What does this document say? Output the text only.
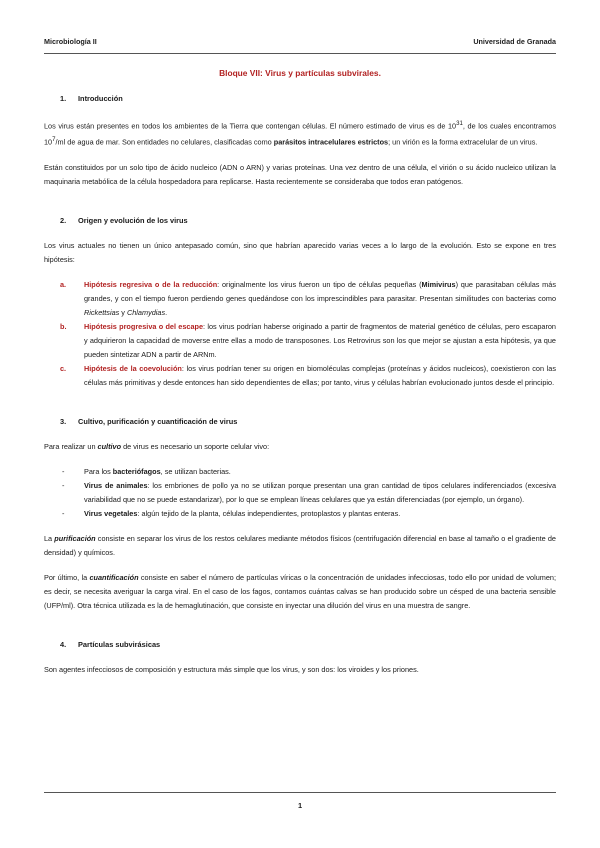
Microbiología II	Universidad de Granada
Bloque VII: Virus y partículas subvirales.
1. Introducción

Los virus están presentes en todos los ambientes de la Tierra que contengan células. El número estimado de virus es de $10^{31}$, de los cuales encontramos $10^7/ml$ de agua de mar. Son entidades no celulares, clasificadas como parásitos intracelulares estrictos; un virión es la forma extracelular de un virus.

Están constituidos por un solo tipo de ácido nucleico (ADN o ARN) y varias proteínas. Una vez dentro de una célula, el virión o su ácido nucleico utilizan la maquinaria metabólica de la célula hospedadora para replicarse. Hasta recientemente se consideraba que todos eran patógenos.

2. Origen y evolución de los virus

Los virus actuales no tienen un único antepasado común, sino que habrían aparecido varias veces a lo largo de la evolución. Esto se expone en tres hipótesis:

a. Hipótesis regresiva o de la reducción: originalmente los virus fueron un tipo de células pequeñas (Mimivirus) que parasitaban células más grandes, y con el tiempo fueron perdiendo genes quedándose con los imprescindibles para parasitar. Presentan similitudes con bacterias como Rickettsias y Chlamydias.
b. Hipótesis progresiva o del escape: los virus podrían haberse originado a partir de fragmentos de material genético de células, pero escaparon y adquirieron la capacidad de moverse entre ellas a modo de transposones. Los Retrovirus son los que mejor se ajustan a esta hipótesis, ya que pueden sintetizar ADN a partir de ARNm.
c. Hipótesis de la coevolución: los virus podrían tener su origen en biomoléculas complejas (proteínas y ácidos nucleicos), coexistieron con las células más primitivas y desde entonces han sido dependientes de ellas; por tanto, virus y células habrían evolucionado juntos desde el principio.
3. Cultivo, purificación y cuantificación de virus

Para realizar un cultivo de virus es necesario un soporte celular vivo:

-	Para los bacteriófagos, se utilizan bacterias.
-	Virus de animales: los embriones de pollo ya no se utilizan porque presentan una gran cantidad de tipos celulares indiferenciados (excesiva variabilidad que no se puede estandarizar), por lo que se emplean líneas celulares que ya están diferenciadas (por ejemplo, un órgano).
-	Virus vegetales: algún tejido de la planta, células independientes, protoplastos y plantas enteras.

La purificación consiste en separar los virus de los restos celulares mediante métodos físicos (centrifugación diferencial en base al tamaño o el gradiente de densidad) y químicos.

Por último, la cuantificación consiste en saber el número de partículas víricas o la concentración de unidades infecciosas, todo ello por unidad de volumen; es decir, se necesita averiguar la carga viral. En el caso de los fagos, contamos cuántas calvas se han producido sobre un césped de una bacteria sensible (UFP/ml). Otra técnica utilizada es la de hemaglutinación, que consiste en inyectar una dilución del virus en una muestra de sangre.

4. Partículas subvirásicas

Son agentes infecciosos de composición y estructura más simple que los virus, y son dos: los viroides y los priones.

1
